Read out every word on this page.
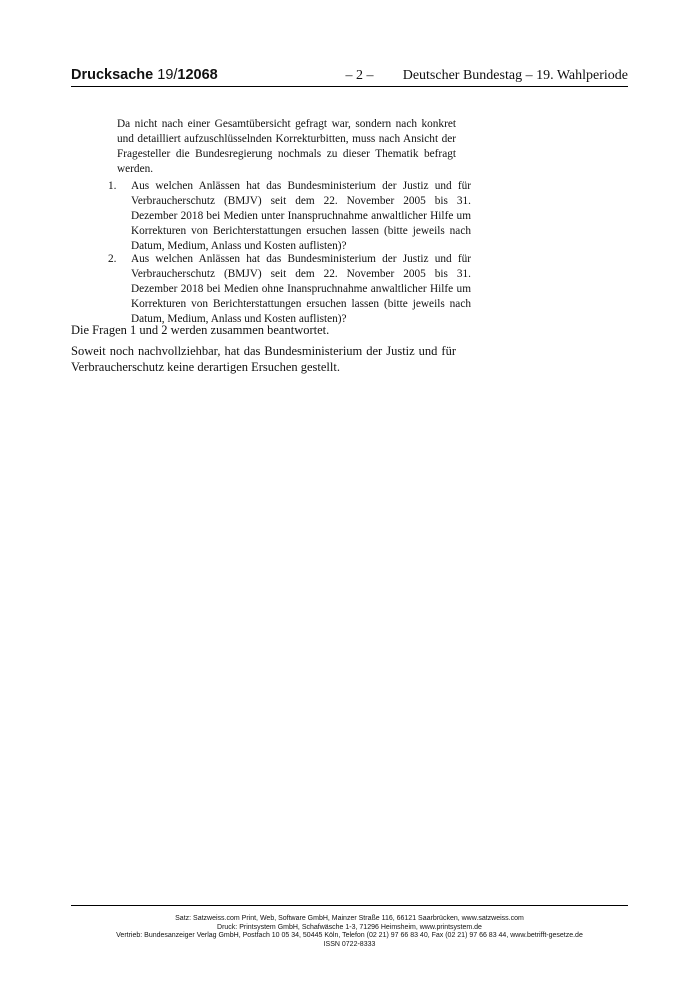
Drucksache 19/12068	– 2 –	Deutscher Bundestag – 19. Wahlperiode

Da nicht nach einer Gesamtübersicht gefragt war, sondern nach konkret und detailliert aufzuschlüsselnden Korrekturbitten, muss nach Ansicht der Fragesteller die Bundesregierung nochmals zu dieser Thematik befragt werden.

1. Aus welchen Anlässen hat das Bundesministerium der Justiz und für Verbraucherschutz (BMJV) seit dem 22. November 2005 bis 31. Dezember 2018 bei Medien unter Inanspruchnahme anwaltlicher Hilfe um Korrekturen von Berichterstattungen ersuchen lassen (bitte jeweils nach Datum, Medium, Anlass und Kosten auflisten)?

2. Aus welchen Anlässen hat das Bundesministerium der Justiz und für Verbraucherschutz (BMJV) seit dem 22. November 2005 bis 31. Dezember 2018 bei Medien ohne Inanspruchnahme anwaltlicher Hilfe um Korrekturen von Berichterstattungen ersuchen lassen (bitte jeweils nach Datum, Medium, Anlass und Kosten auflisten)?

Die Fragen 1 und 2 werden zusammen beantwortet.

Soweit noch nachvollziehbar, hat das Bundesministerium der Justiz und für Verbraucherschutz keine derartigen Ersuchen gestellt.

Satz: Satzweiss.com Print, Web, Software GmbH, Mainzer Straße 116, 66121 Saarbrücken, www.satzweiss.com
Druck: Printsystem GmbH, Schafwäsche 1-3, 71296 Heimsheim, www.printsystem.de
Vertrieb: Bundesanzeiger Verlag GmbH, Postfach 10 05 34, 50445 Köln, Telefon (02 21) 97 66 83 40, Fax (02 21) 97 66 83 44, www.betrifft-gesetze.de
ISSN 0722-8333
